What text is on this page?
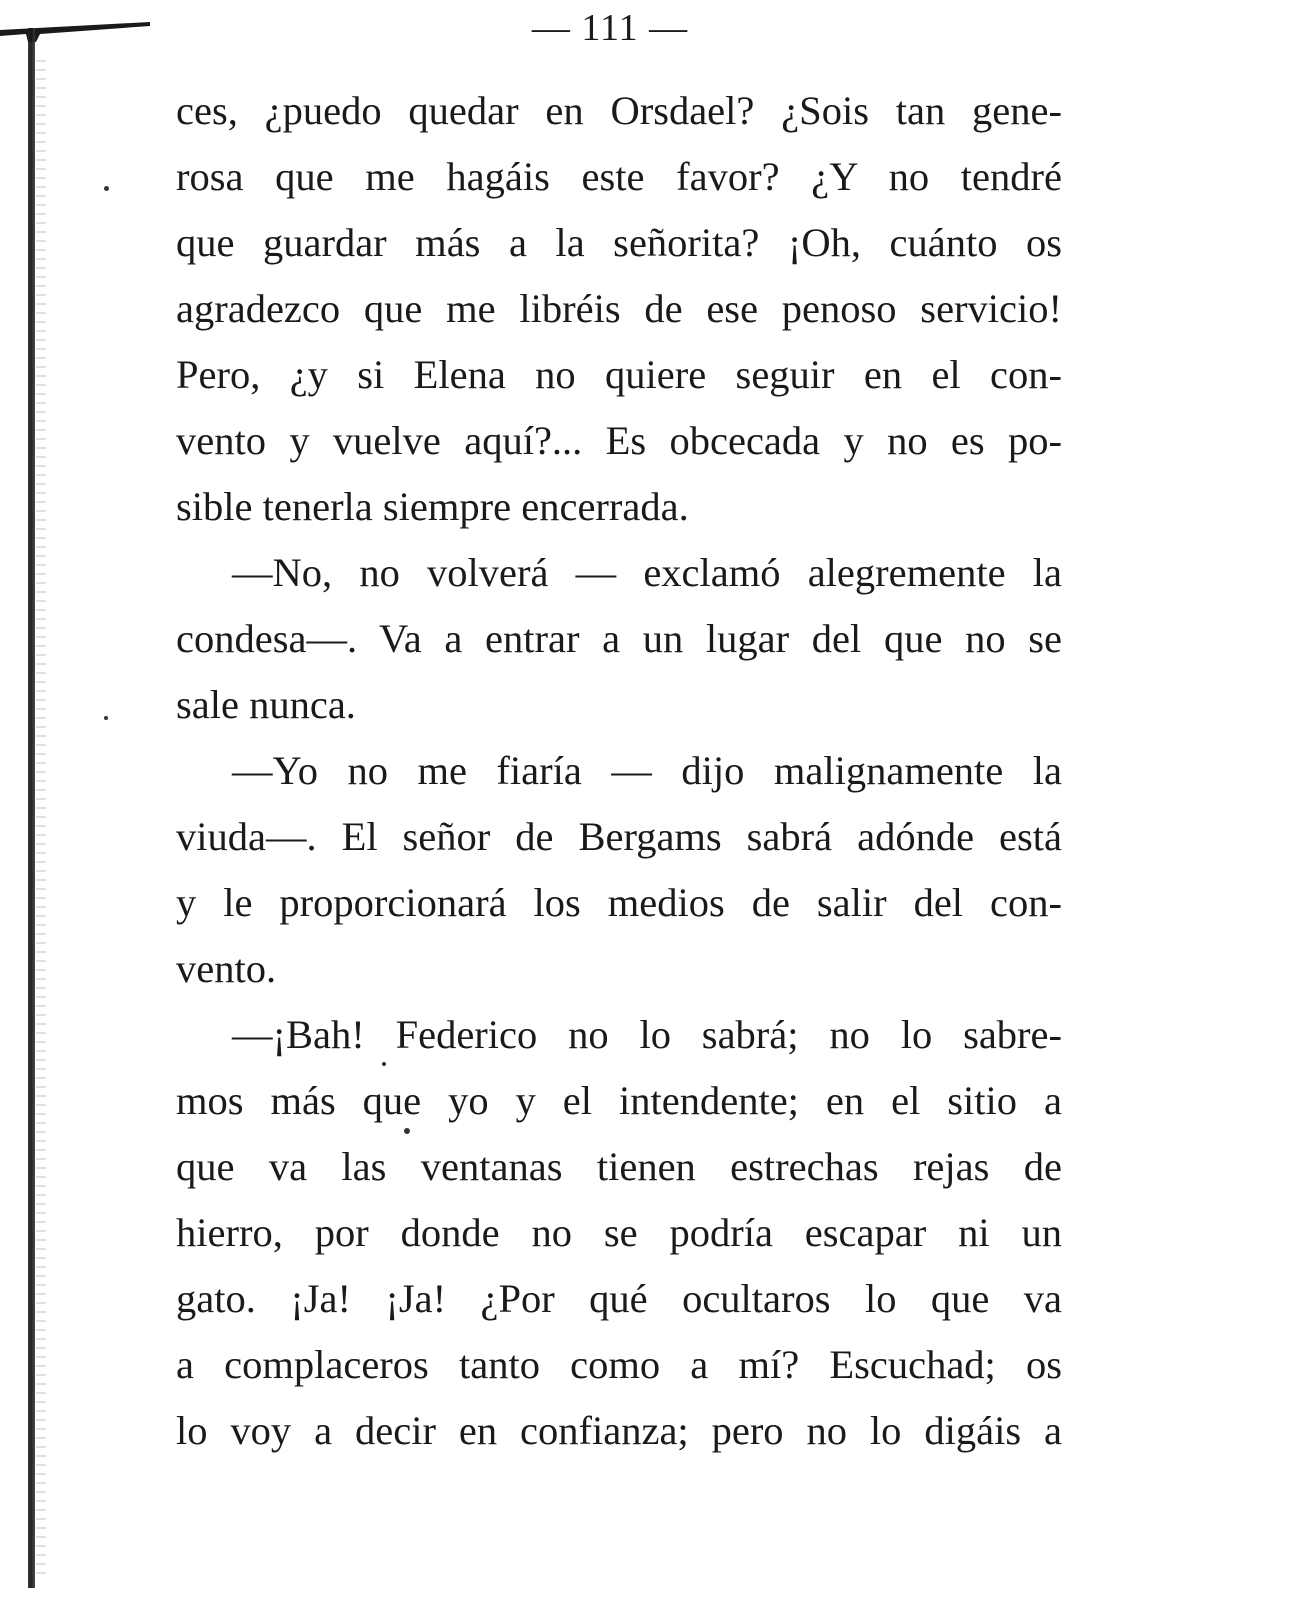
— 111 —
ces, ¿puedo quedar en Orsdael? ¿Sois tan gene-
rosa que me hagáis este favor? ¿Y no tendré
que guardar más a la señorita? ¡Oh, cuánto os
agradezco que me libréis de ese penoso servicio!
Pero, ¿y si Elena no quiere seguir en el con-
vento y vuelve aquí?... Es obcecada y no es po-
sible tenerla siempre encerrada.
—No, no volverá — exclamó alegremente la
condesa—. Va a entrar a un lugar del que no se
sale nunca.
—Yo no me fiaría — dijo malignamente la
viuda—. El señor de Bergams sabrá adónde está
y le proporcionará los medios de salir del con-
vento.
—¡Bah! Federico no lo sabrá; no lo sabre-
mos más que yo y el intendente; en el sitio a
que va las ventanas tienen estrechas rejas de
hierro, por donde no se podría escapar ni un
gato. ¡Ja! ¡Ja! ¿Por qué ocultaros lo que va
a complaceros tanto como a mí? Escuchad; os
lo voy a decir en confianza; pero no lo digáis a
